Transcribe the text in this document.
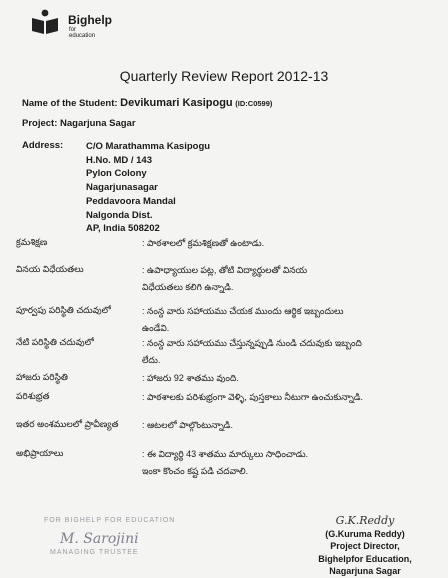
Bighelp
for education
Quarterly Review Report 2012-13
Name of the Student: Devikumari Kasipogu (ID:C0599)
Project: Nagarjuna Sagar
Address: C/O Marathamma Kasipogu
H.No. MD / 143
Pylon Colony
Nagarjunasagar
Peddavoora Mandal
Nalgonda Dist.
AP, India 508202
క్రమశిక్షణ	: పాఠశాలలో క్రమశిక్షణతో ఉంటాడు.
వినయ విధేయతలు	: ఉపాధ్యాయుల పట్ల, తోటి విద్యార్థులతో వినయ
విధేయతలు కలిగి ఉన్నాడి.
పూర్వపు పరిస్థితి చదువులో	: నంన్ద వారు సహాయము చేయక ముందు ఆర్థిక ఇబ్బందులు
ఉండేవి.
నేటి పరిస్థితి చదువులో	: నంన్ద వారు సహాయము చేస్తున్నప్పుడి నుండి చదువుకు ఇబ్బంది
లేదు.
హాజరు పరిస్థితి	: హాజరు 92 శాతము వుంది.
పరిశుభ్రత	: పాఠశాలకు పరిశుభ్రంగా వెళ్ళి, పుస్తకాలు నీటుగా ఉంచుకున్నాడి.
ఇతర అంశములలో ప్రావీణ్యత	: ఆటలలో పాల్గొంటున్నాడి.
అభిప్రాయాలు	: ఈ విద్యార్థి 43 శాతము మార్కులు సాధించాడు.
ఇంకా కొంచం కష్ట పడి చదవాలి.
FOR BIGHELP FOR EDUCATION
M. Sarojini
MANAGING TRUSTEE
G.K.Reddy
(G.Kuruma Reddy)
Project Director,
Bighelpfor Education,
Nagarjuna Sagar
